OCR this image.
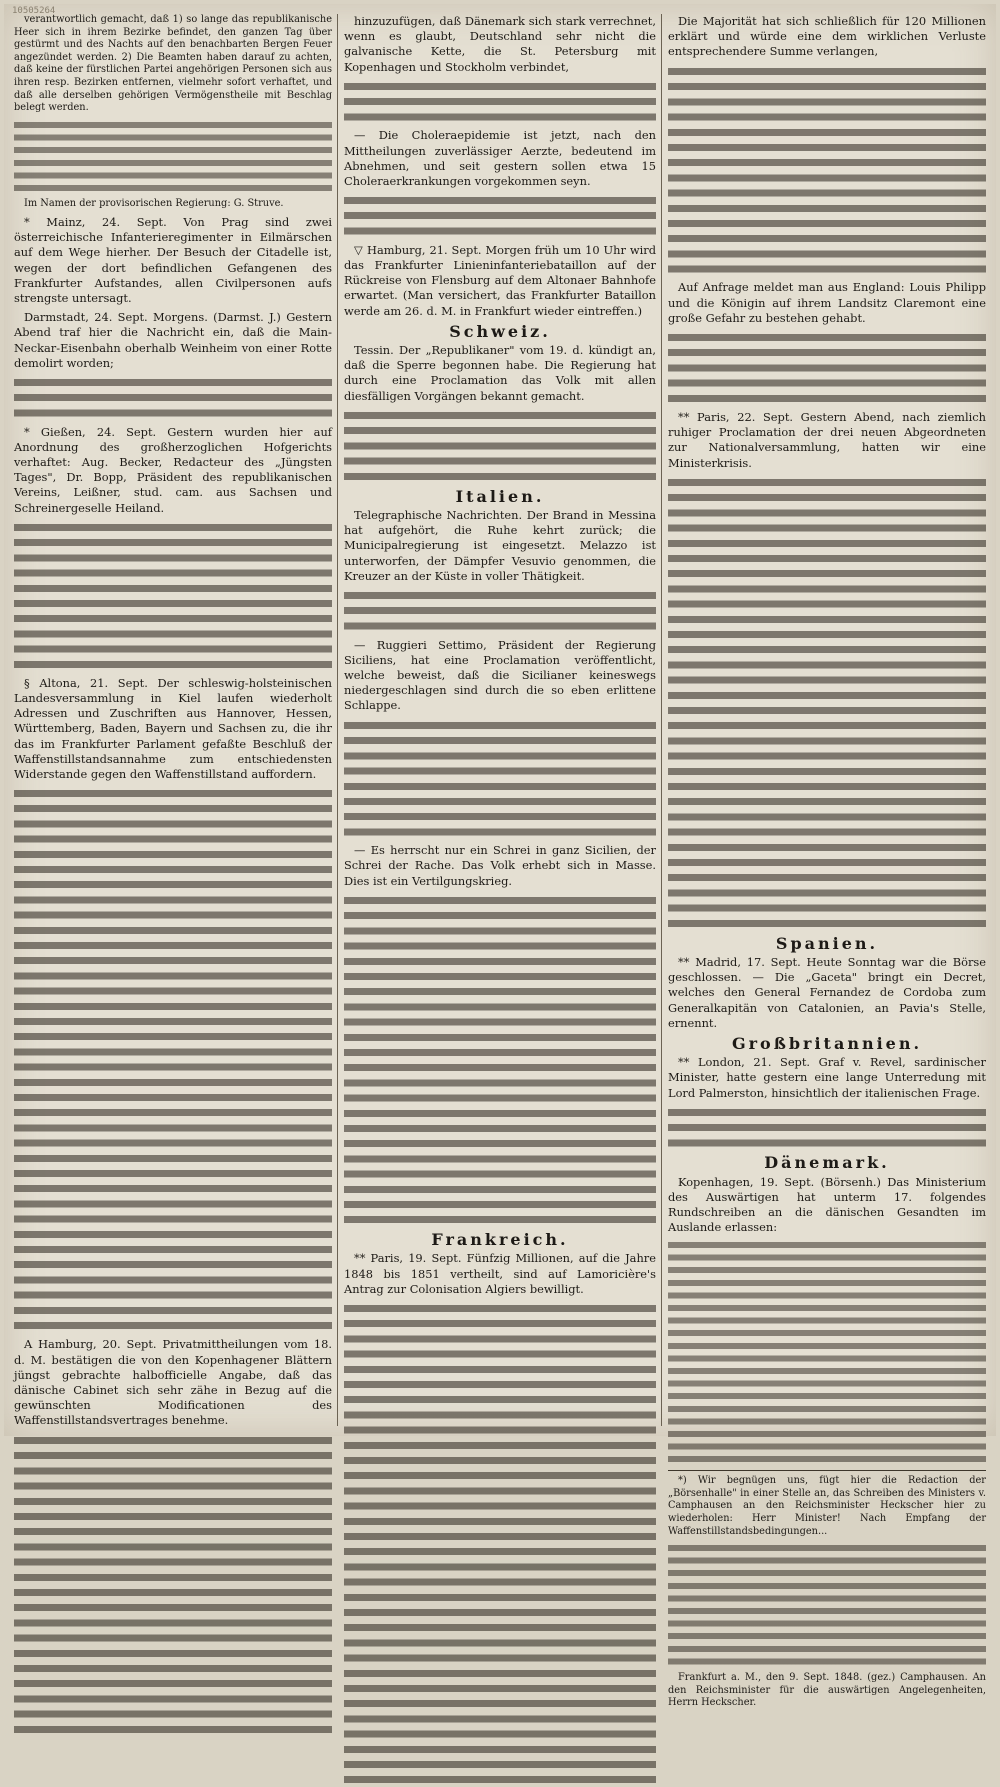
10505264

verantwortlich gemacht, daß 1) so lange das republikanische Heer sich in ihrem Bezirke befindet, den ganzen Tag über gestürmt und des Nachts auf den benachbarten Bergen Feuer angezündet werden. 2) Die Beamten haben darauf zu achten, daß keine der fürstlichen Partei angehörigen Personen sich aus ihren resp. Bezirken entfernen, vielmehr sofort verhaftet, und daß alle derselben gehörigen Vermögenstheile mit Beschlag belegt werden.

Im Namen der provisorischen Regierung: G. Struve.

* Mainz, 24. Sept. Von Prag sind zwei österreichische Infanterieregimenter in Eilmärschen auf dem Wege hierher. Der Besuch der Citadelle ist, wegen der dort befindlichen Gefangenen des Frankfurter Aufstandes, allen Civilpersonen aufs strengste untersagt.

Darmstadt, 24. Sept. Morgens. (Darmst. J.) Gestern Abend traf hier die Nachricht ein, daß die Main-Neckar-Eisenbahn oberhalb Weinheim von einer Rotte demolirt worden;

* Gießen, 24. Sept. Gestern wurden hier auf Anordnung des großherzoglichen Hofgerichts verhaftet: Aug. Becker, Redacteur des „Jüngsten Tages", Dr. Bopp, Präsident des republikanischen Vereins, Leißner, stud. cam. aus Sachsen und Schreinergeselle Heiland.

§ Altona, 21. Sept. Der schleswig-holsteinischen Landesversammlung in Kiel laufen wiederholt Adressen und Zuschriften aus Hannover, Hessen, Württemberg, Baden, Bayern und Sachsen zu, die ihr das im Frankfurter Parlament gefaßte Beschluß der Waffenstillstandsannahme zum entschiedensten Widerstande gegen den Waffenstillstand auffordern.

A Hamburg, 20. Sept. Privatmittheilungen vom 18. d. M. bestätigen die von den Kopenhagener Blättern jüngst gebrachte halbofficielle Angabe, daß das dänische Cabinet sich sehr zähe in Bezug auf die gewünschten Modificationen des Waffenstillstandsvertrages benehme.

hinzuzufügen, daß Dänemark sich stark verrechnet, wenn es glaubt, Deutschland sehr nicht die galvanische Kette, die St. Petersburg mit Kopenhagen und Stockholm verbindet,

— Die Choleraepidemie ist jetzt, nach den Mittheilungen zuverlässiger Aerzte, bedeutend im Abnehmen, und seit gestern sollen etwa 15 Choleraerkrankungen vorgekommen seyn.

▽ Hamburg, 21. Sept. Morgen früh um 10 Uhr wird das Frankfurter Linieninfanteriebataillon auf der Rückreise von Flensburg auf dem Altonaer Bahnhofe erwartet. (Man versichert, das Frankfurter Bataillon werde am 26. d. M. in Frankfurt wieder eintreffen.)

Schweiz.

Tessin. Der „Republikaner" vom 19. d. kündigt an, daß die Sperre begonnen habe. Die Regierung hat durch eine Proclamation das Volk mit allen diesfälligen Vorgängen bekannt gemacht.

Italien.

Telegraphische Nachrichten. Der Brand in Messina hat aufgehört, die Ruhe kehrt zurück; die Municipalregierung ist eingesetzt. Melazzo ist unterworfen, der Dämpfer Vesuvio genommen, die Kreuzer an der Küste in voller Thätigkeit.

— Ruggieri Settimo, Präsident der Regierung Siciliens, hat eine Proclamation veröffentlicht, welche beweist, daß die Sicilianer keineswegs niedergeschlagen sind durch die so eben erlittene Schlappe.

— Es herrscht nur ein Schrei in ganz Sicilien, der Schrei der Rache. Das Volk erhebt sich in Masse. Dies ist ein Vertilgungskrieg.

Frankreich.

** Paris, 19. Sept. Fünfzig Millionen, auf die Jahre 1848 bis 1851 vertheilt, sind auf Lamoricière's Antrag zur Colonisation Algiers bewilligt.

Die Majorität hat sich schließlich für 120 Millionen erklärt und würde eine dem wirklichen Verluste entsprechendere Summe verlangen,

Auf Anfrage meldet man aus England: Louis Philipp und die Königin auf ihrem Landsitz Claremont eine große Gefahr zu bestehen gehabt.

** Paris, 22. Sept. Gestern Abend, nach ziemlich ruhiger Proclamation der drei neuen Abgeordneten zur Nationalversammlung, hatten wir eine Ministerkrisis.

Spanien.

** Madrid, 17. Sept. Heute Sonntag war die Börse geschlossen. — Die „Gaceta" bringt ein Decret, welches den General Fernandez de Cordoba zum Generalkapitän von Catalonien, an Pavia's Stelle, ernennt.

Großbritannien.

** London, 21. Sept. Graf v. Revel, sardinischer Minister, hatte gestern eine lange Unterredung mit Lord Palmerston, hinsichtlich der italienischen Frage.

Dänemark.

Kopenhagen, 19. Sept. (Börsenh.) Das Ministerium des Auswärtigen hat unterm 17. folgendes Rundschreiben an die dänischen Gesandten im Auslande erlassen:

*) Wir begnügen uns, fügt hier die Redaction der „Börsenhalle" in einer Stelle an, das Schreiben des Ministers v. Camphausen an den Reichsminister Heckscher hier zu wiederholen: Herr Minister! Nach Empfang der Waffenstillstandsbedingungen...

Frankfurt a. M., den 9. Sept. 1848. (gez.) Camphausen. An den Reichsminister für die auswärtigen Angelegenheiten, Herrn Heckscher.
